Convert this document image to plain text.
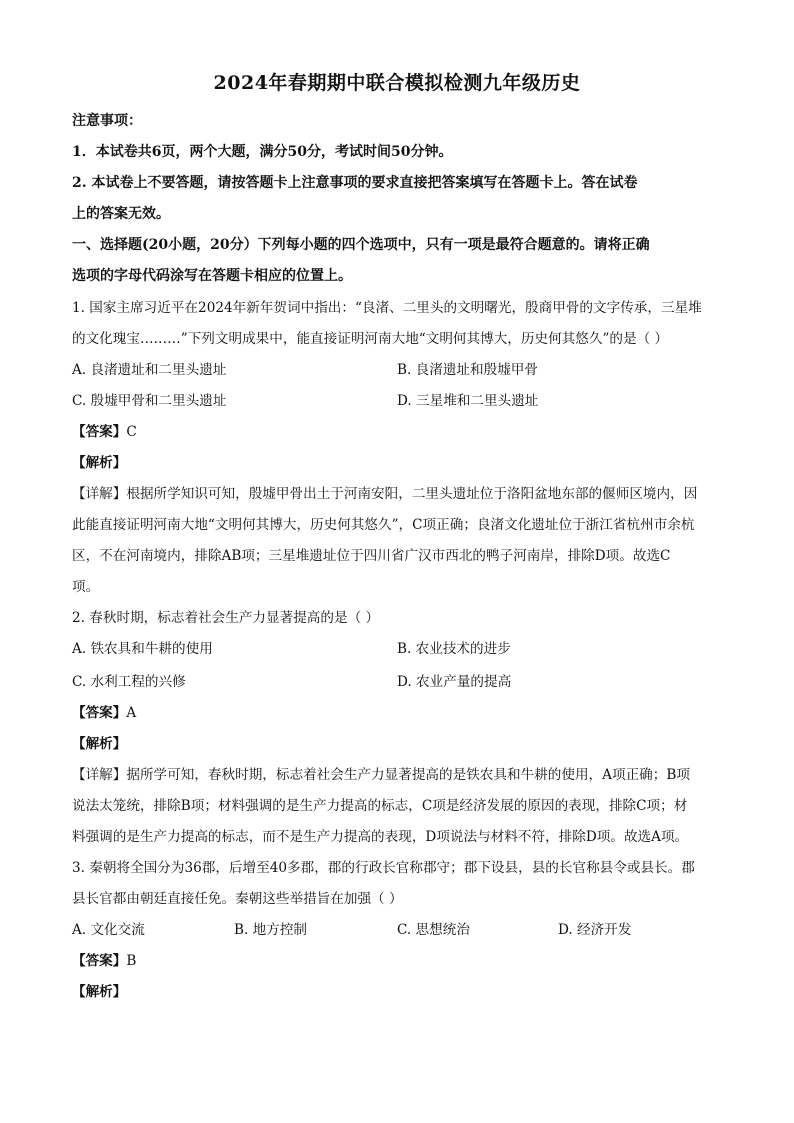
2024年春期期中联合模拟检测九年级历史
注意事项：
1．本试卷共6页，两个大题，满分50分，考试时间50分钟。
2. 本试卷上不要答题，请按答题卡上注意事项的要求直接把答案填写在答题卡上。答在试卷
上的答案无效。
一、选择题(20小题，20分）下列每小题的四个选项中，只有一项是最符合题意的。请将正确
选项的字母代码涂写在答题卡相应的位置上。
1. 国家主席习近平在2024年新年贺词中指出：“良渚、二里头的文明曙光，殷商甲骨的文字传承，三星堆
的文化瑰宝………”下列文明成果中，能直接证明河南大地“文明何其博大，历史何其悠久”的是（ ）
A. 良渚遗址和二里头遗址	B. 良渚遗址和殷墟甲骨
C. 殷墟甲骨和二里头遗址	D. 三星堆和二里头遗址
【答案】C
【解析】
【详解】根据所学知识可知，殷墟甲骨出土于河南安阳，二里头遗址位于洛阳盆地东部的偃师区境内，因
此能直接证明河南大地“文明何其博大，历史何其悠久”，C项正确；良渚文化遗址位于浙江省杭州市余杭
区，不在河南境内，排除AB项；三星堆遗址位于四川省广汉市西北的鸭子河南岸，排除D项。故选C
项。
2. 春秋时期，标志着社会生产力显著提高的是（ ）
A. 铁农具和牛耕的使用	B. 农业技术的进步
C. 水利工程的兴修	D. 农业产量的提高
【答案】A
【解析】
【详解】据所学可知，春秋时期，标志着社会生产力显著提高的是铁农具和牛耕的使用，A项正确；B项
说法太笼统，排除B项；材料强调的是生产力提高的标志，C项是经济发展的原因的表现，排除C项；材
料强调的是生产力提高的标志，而不是生产力提高的表现，D项说法与材料不符，排除D项。故选A项。
3. 秦朝将全国分为36郡，后增至40多郡，郡的行政长官称郡守；郡下设县，县的长官称县令或县长。郡
县长官都由朝廷直接任免。秦朝这些举措旨在加强（ ）
A. 文化交流	B. 地方控制	C. 思想统治	D. 经济开发
【答案】B
【解析】
